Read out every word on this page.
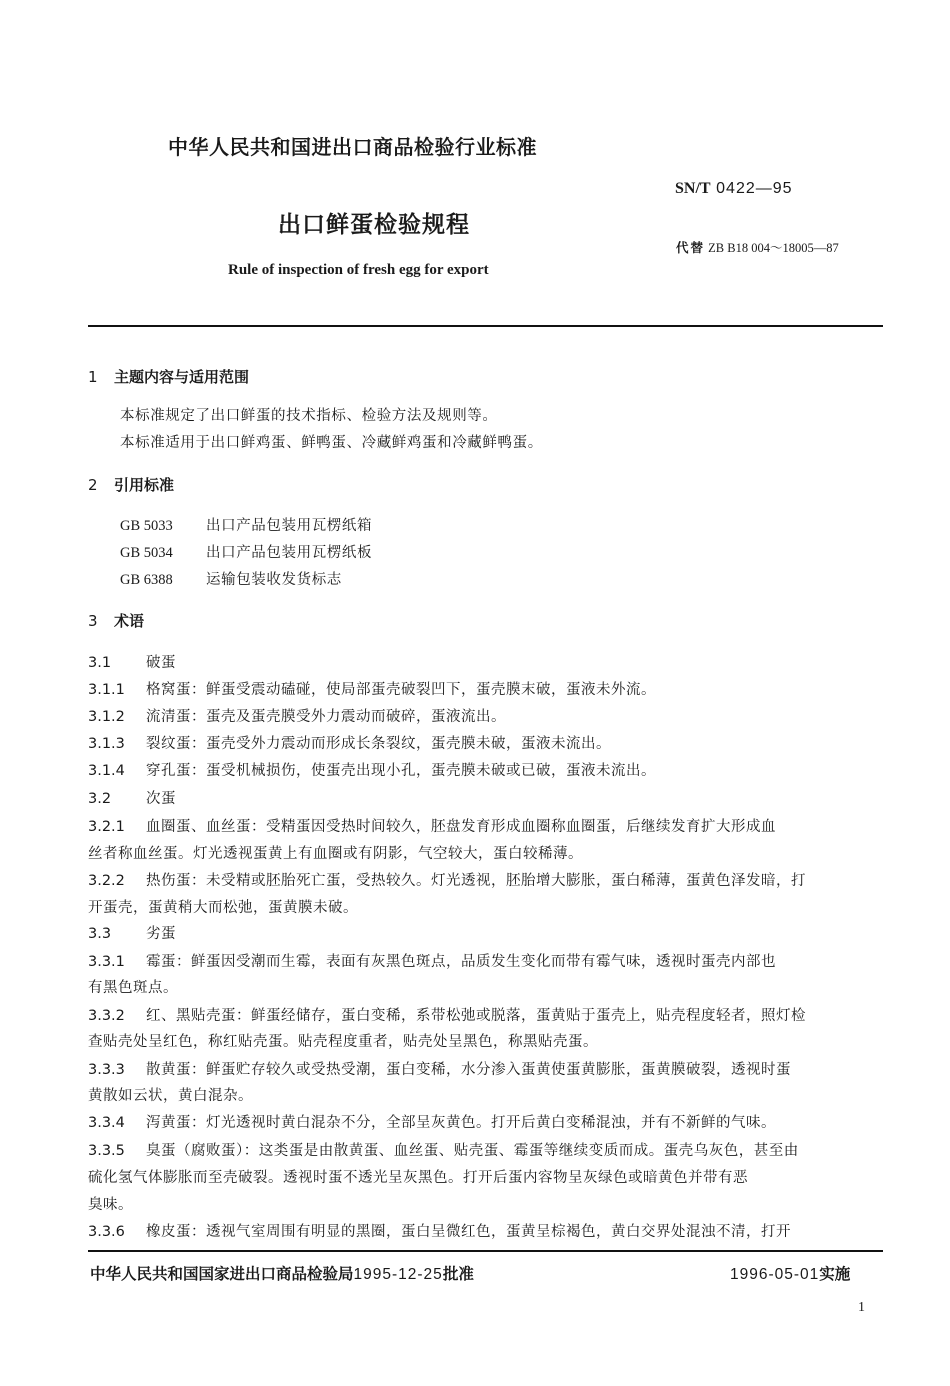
中华人民共和国进出口商品检验行业标准
SN/T 0422—95
出口鲜蛋检验规程
代替 ZB B18 004～18005—87
Rule of inspection of fresh egg for export
1 主题内容与适用范围
本标准规定了出口鲜蛋的技术指标、检验方法及规则等。
本标准适用于出口鲜鸡蛋、鲜鸭蛋、冷藏鲜鸡蛋和冷藏鲜鸭蛋。
2 引用标准
GB 5033 出口产品包装用瓦楞纸箱
GB 5034 出口产品包装用瓦楞纸板
GB 6388 运输包装收发货标志
3 术语
3.1 破蛋
3.1.1 格窝蛋：鲜蛋受震动磕碰，使局部蛋壳破裂凹下，蛋壳膜末破，蛋液未外流。
3.1.2 流清蛋：蛋壳及蛋壳膜受外力震动而破碎，蛋液流出。
3.1.3 裂纹蛋：蛋壳受外力震动而形成长条裂纹，蛋壳膜未破，蛋液未流出。
3.1.4 穿孔蛋：蛋受机械损伤，使蛋壳出现小孔，蛋壳膜未破或已破，蛋液未流出。
3.2 次蛋
3.2.1 血圈蛋、血丝蛋：受精蛋因受热时间较久，胚盘发育形成血圈称血圈蛋，后继续发育扩大形成血
丝者称血丝蛋。灯光透视蛋黄上有血圈或有阴影，气空较大，蛋白较稀薄。
3.2.2 热伤蛋：未受精或胚胎死亡蛋，受热较久。灯光透视，胚胎增大膨胀，蛋白稀薄，蛋黄色泽发暗，打
开蛋壳，蛋黄稍大而松弛，蛋黄膜未破。
3.3 劣蛋
3.3.1 霉蛋：鲜蛋因受潮而生霉，表面有灰黑色斑点，品质发生变化而带有霉气味，透视时蛋壳内部也
有黑色斑点。
3.3.2 红、黑贴壳蛋：鲜蛋经储存，蛋白变稀，系带松弛或脱落，蛋黄贴于蛋壳上，贴壳程度轻者，照灯检
查贴壳处呈红色，称红贴壳蛋。贴壳程度重者，贴壳处呈黑色，称黑贴壳蛋。
3.3.3 散黄蛋：鲜蛋贮存较久或受热受潮，蛋白变稀，水分渗入蛋黄使蛋黄膨胀，蛋黄膜破裂，透视时蛋
黄散如云状，黄白混杂。
3.3.4 泻黄蛋：灯光透视时黄白混杂不分，全部呈灰黄色。打开后黄白变稀混浊，并有不新鲜的气味。
3.3.5 臭蛋（腐败蛋）：这类蛋是由散黄蛋、血丝蛋、贴壳蛋、霉蛋等继续变质而成。蛋壳乌灰色，甚至由
硫化氢气体膨胀而至壳破裂。透视时蛋不透光呈灰黑色。打开后蛋内容物呈灰绿色或暗黄色并带有恶
臭味。
3.3.6 橡皮蛋：透视气室周围有明显的黑圈，蛋白呈微红色，蛋黄呈棕褐色，黄白交界处混浊不清，打开
中华人民共和国国家进出口商品检验局1995-12-25批准	1996-05-01实施
1
